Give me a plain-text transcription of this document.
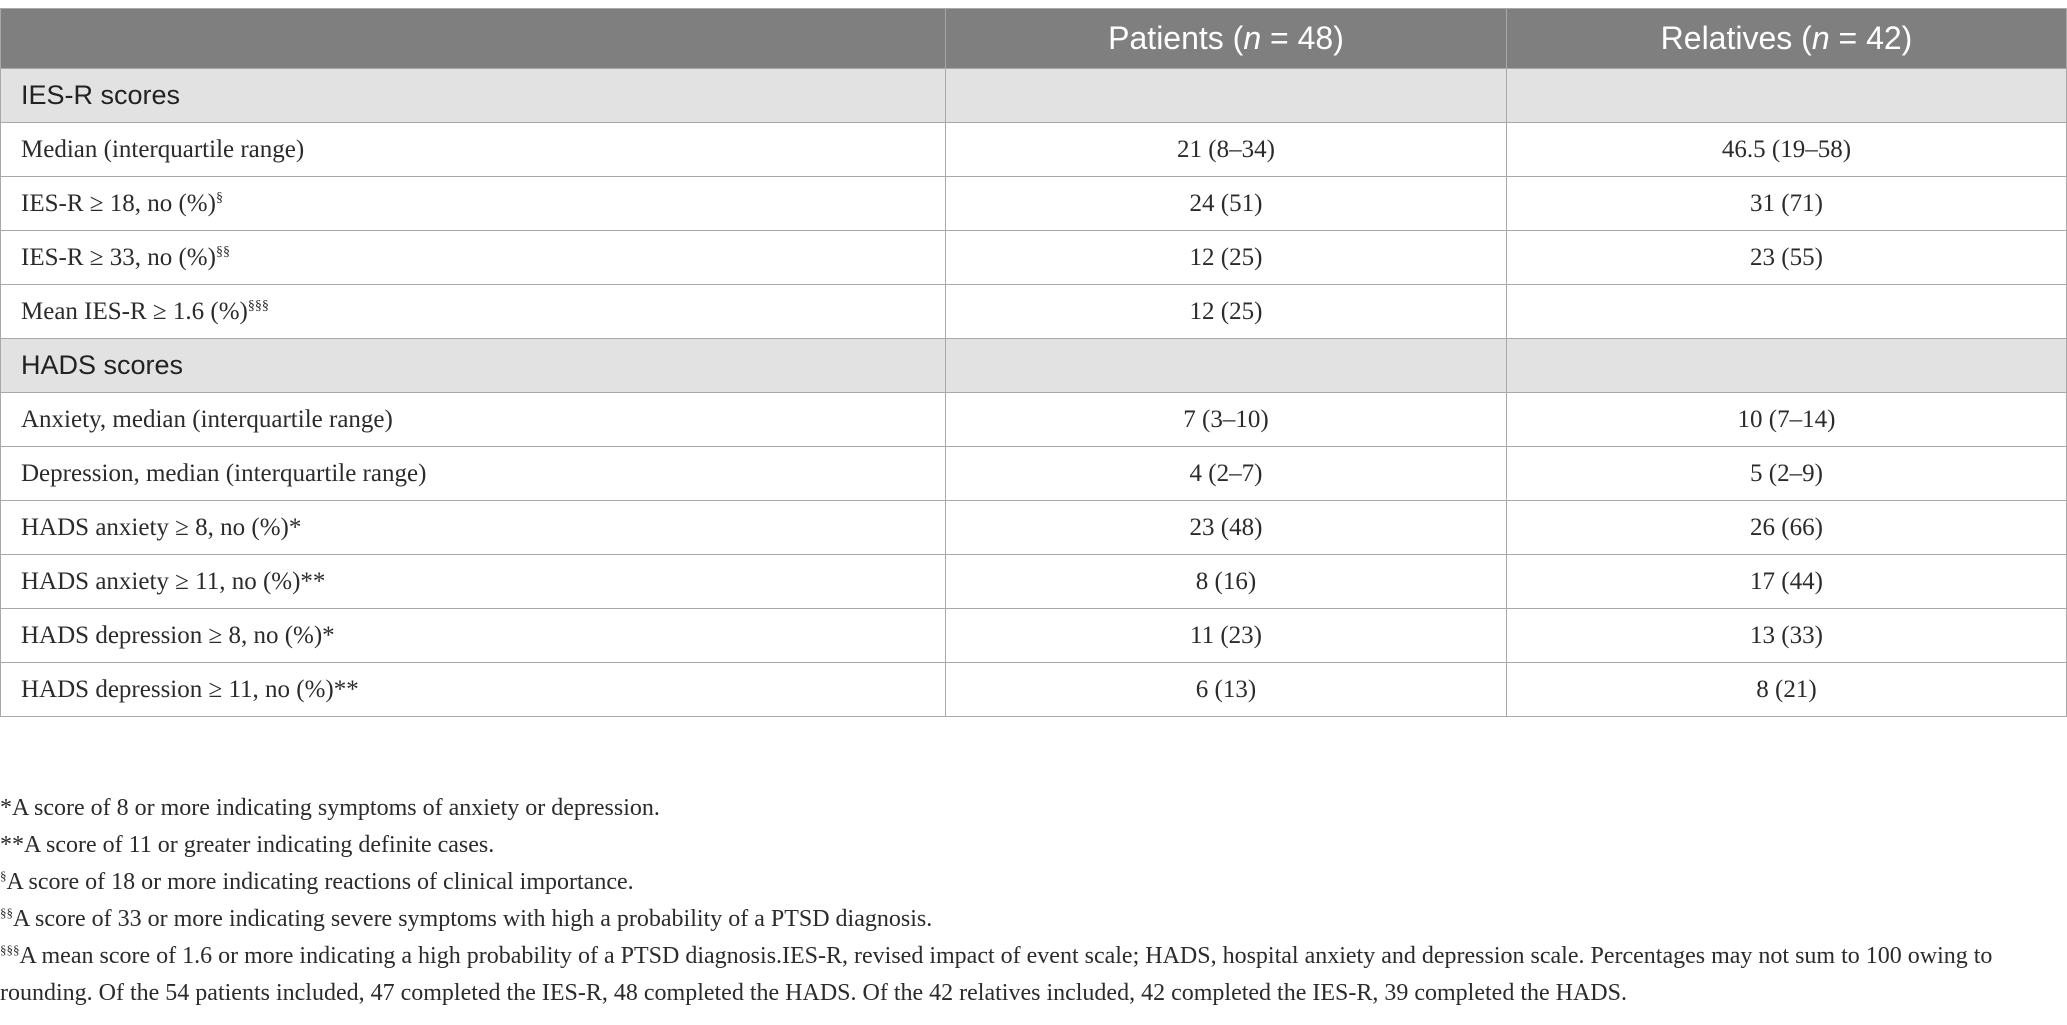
	Patients (n = 48)	Relatives (n = 42)
IES-R scores		
Median (interquartile range)	21 (8–34)	46.5 (19–58)
IES-R ≥ 18, no (%)§	24 (51)	31 (71)
IES-R ≥ 33, no (%)§§	12 (25)	23 (55)
Mean IES-R ≥ 1.6 (%)§§§	12 (25)	
HADS scores		
Anxiety, median (interquartile range)	7 (3–10)	10 (7–14)
Depression, median (interquartile range)	4 (2–7)	5 (2–9)
HADS anxiety ≥ 8, no (%)*	23 (48)	26 (66)
HADS anxiety ≥ 11, no (%)**	8 (16)	17 (44)
HADS depression ≥ 8, no (%)*	11 (23)	13 (33)
HADS depression ≥ 11, no (%)**	6 (13)	8 (21)

*A score of 8 or more indicating symptoms of anxiety or depression.

**A score of 11 or greater indicating definite cases.

§A score of 18 or more indicating reactions of clinical importance.

§§A score of 33 or more indicating severe symptoms with high a probability of a PTSD diagnosis.

§§§A mean score of 1.6 or more indicating a high probability of a PTSD diagnosis.IES-R, revised impact of event scale; HADS, hospital anxiety and depression scale. Percentages may not sum to 100 owing to rounding. Of the 54 patients included, 47 completed the IES-R, 48 completed the HADS. Of the 42 relatives included, 42 completed the IES-R, 39 completed the HADS.
